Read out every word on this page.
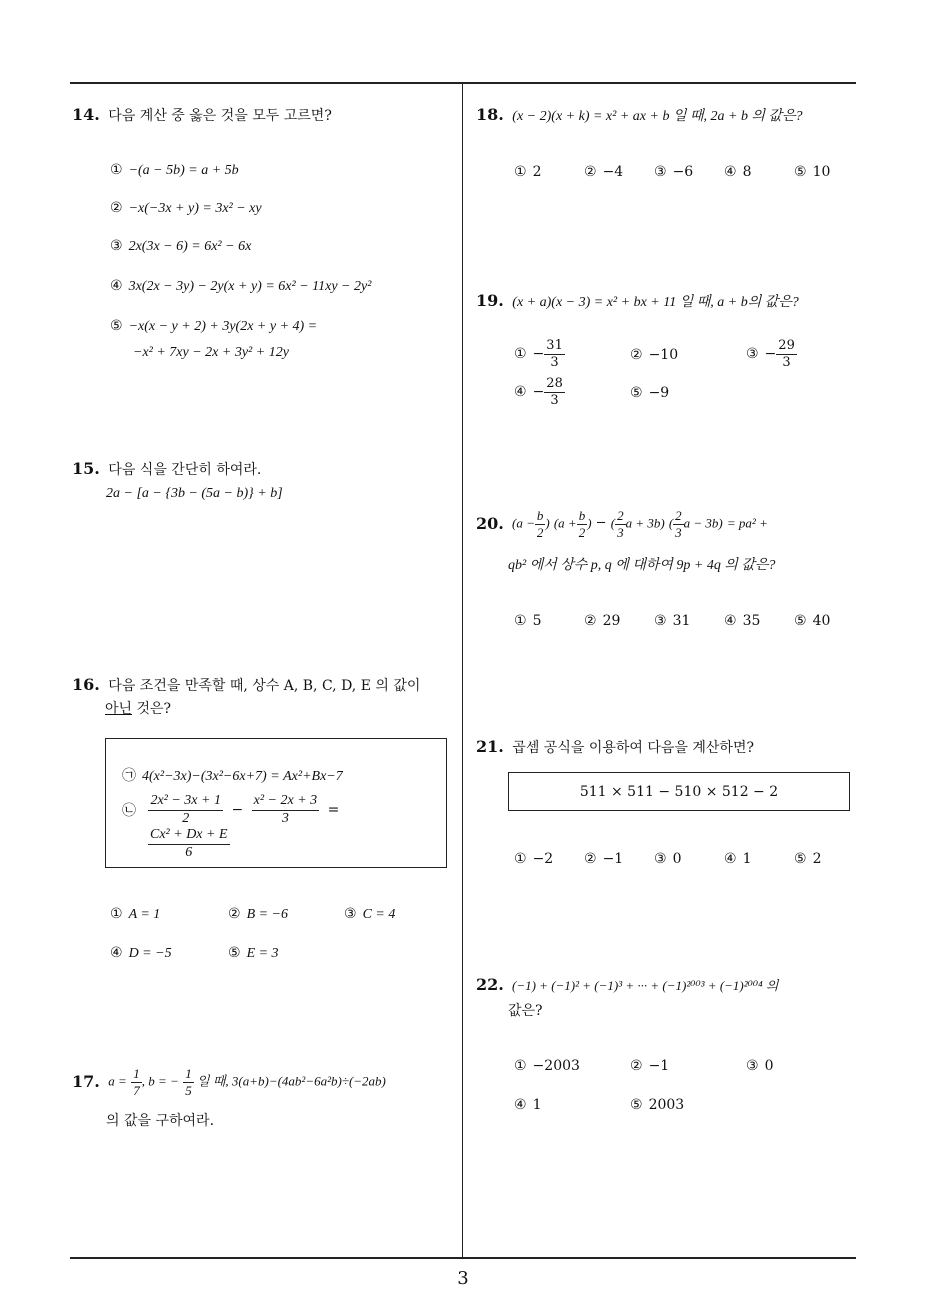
14. 다음 계산 중 옳은 것을 모두 고르면?
① −(a − 5b) = a + 5b
② −x(−3x + y) = 3x² − xy
③ 2x(3x − 6) = 6x² − 6x
④ 3x(2x − 3y) − 2y(x + y) = 6x² − 11xy − 2y²
⑤ −x(x − y + 2) + 3y(2x + y + 4) =
−x² + 7xy − 2x + 3y² + 12y
15. 다음 식을 간단히 하여라.
2a − [a − {3b − (5a − b)} + b]
16. 다음 조건을 만족할 때, 상수 A, B, C, D, E 의 값이
아닌 것은?
㉠ 4(x²−3x)−(3x²−6x+7) = Ax²+Bx−7
㉡ $\frac{\text{2x² − 3x + 1}}{2} - \frac{\text{x² − 2x + 3}}{3}$ =
$\frac{\text{Cx² + Dx + E}}{6}$
① A = 1	② B = −6	③ C = 4
④ D = −5	⑤ E = 3
17. $a = \frac{1}{7}$ , b = − $\frac{1}{5}$ 일 때, 3(a+b)−(4ab²−6a²b)÷(−2ab)
의 값을 구하여라.
18. (x − 2)(x + k) = x² + ax + b 일 때, 2a + b 의 값은?
① 2	② −4 ③ −6 ④ 8	⑤ 10
19. (x + a)(x − 3) = x² + bx + 11 일 때, a + b의 값은?
① − $\frac{31}{3}$	② −10	③ − $\frac{29}{3}$
④ − $\frac{28}{3}$	⑤ −9
20. ($a - \frac{b}{2}$ ) ($a + \frac{b}{2}$ ) − ( $\frac{2}{3}$ a + 3b) ( $\frac{2}{3}$ a − 3b) = pa² +
qb² 에서 상수 p, q 에 대하여 9p + 4q 의 값은?
① 5	② 29 ③ 31 ④ 35 ⑤ 40
21. 곱셈 공식을 이용하여 다음을 계산하면?
511 × 511 − 510 × 512 − 2
① −2 ② −1 ③ 0	④ 1	⑤ 2
22. (−1) + (−1)² + (−1)³ + ··· + (−1)²⁰⁰³ + (−1)²⁰⁰⁴ 의
값은?
① −2003	② −1	③ 0
④ 1	⑤ 2003
3
